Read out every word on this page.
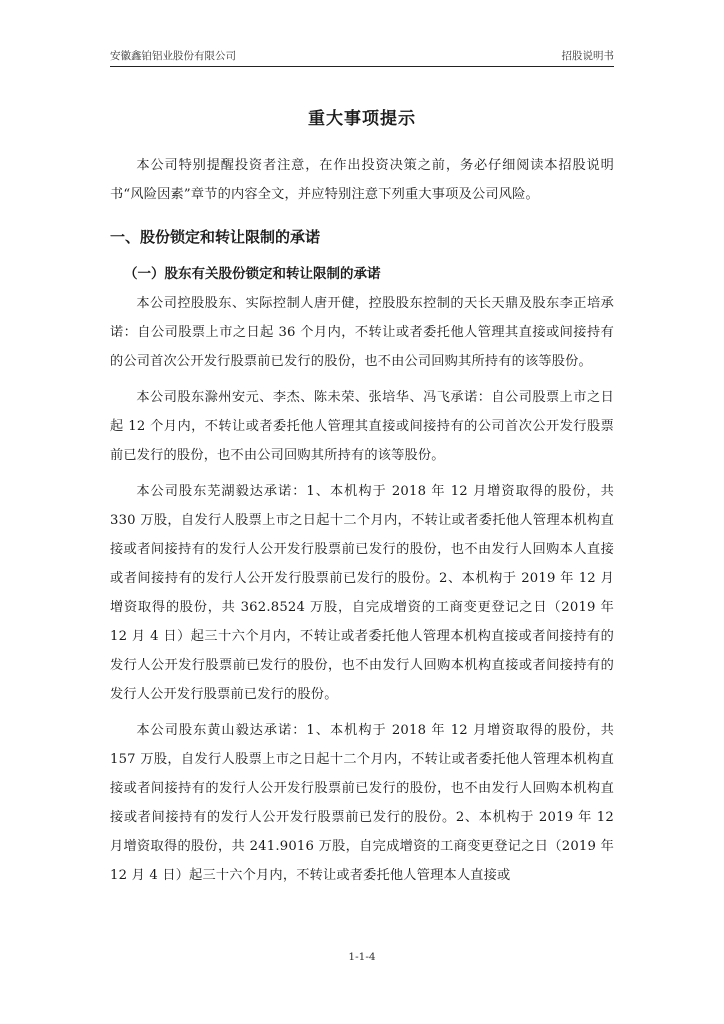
安徽鑫铂铝业股份有限公司	招股说明书
重大事项提示

本公司特别提醒投资者注意，在作出投资决策之前，务必仔细阅读本招股说明书“风险因素”章节的内容全文，并应特别注意下列重大事项及公司风险。

一、股份锁定和转让限制的承诺
（一）股东有关股份锁定和转让限制的承诺

本公司控股股东、实际控制人唐开健，控股股东控制的天长天鼎及股东李正培承诺：自公司股票上市之日起 36 个月内，不转让或者委托他人管理其直接或间接持有的公司首次公开发行股票前已发行的股份，也不由公司回购其所持有的该等股份。

本公司股东滁州安元、李杰、陈未荣、张培华、冯飞承诺：自公司股票上市之日起 12 个月内，不转让或者委托他人管理其直接或间接持有的公司首次公开发行股票前已发行的股份，也不由公司回购其所持有的该等股份。

本公司股东芜湖毅达承诺：1、本机构于 2018 年 12 月增资取得的股份，共 330 万股，自发行人股票上市之日起十二个月内，不转让或者委托他人管理本机构直接或者间接持有的发行人公开发行股票前已发行的股份，也不由发行人回购本人直接或者间接持有的发行人公开发行股票前已发行的股份。2、本机构于 2019 年 12 月增资取得的股份，共 362.8524 万股，自完成增资的工商变更登记之日（2019 年 12 月 4 日）起三十六个月内，不转让或者委托他人管理本机构直接或者间接持有的发行人公开发行股票前已发行的股份，也不由发行人回购本机构直接或者间接持有的发行人公开发行股票前已发行的股份。

本公司股东黄山毅达承诺：1、本机构于 2018 年 12 月增资取得的股份，共 157 万股，自发行人股票上市之日起十二个月内，不转让或者委托他人管理本机构直接或者间接持有的发行人公开发行股票前已发行的股份，也不由发行人回购本机构直接或者间接持有的发行人公开发行股票前已发行的股份。2、本机构于 2019 年 12 月增资取得的股份，共 241.9016 万股，自完成增资的工商变更登记之日（2019 年 12 月 4 日）起三十六个月内，不转让或者委托他人管理本人直接或

1-1-4
